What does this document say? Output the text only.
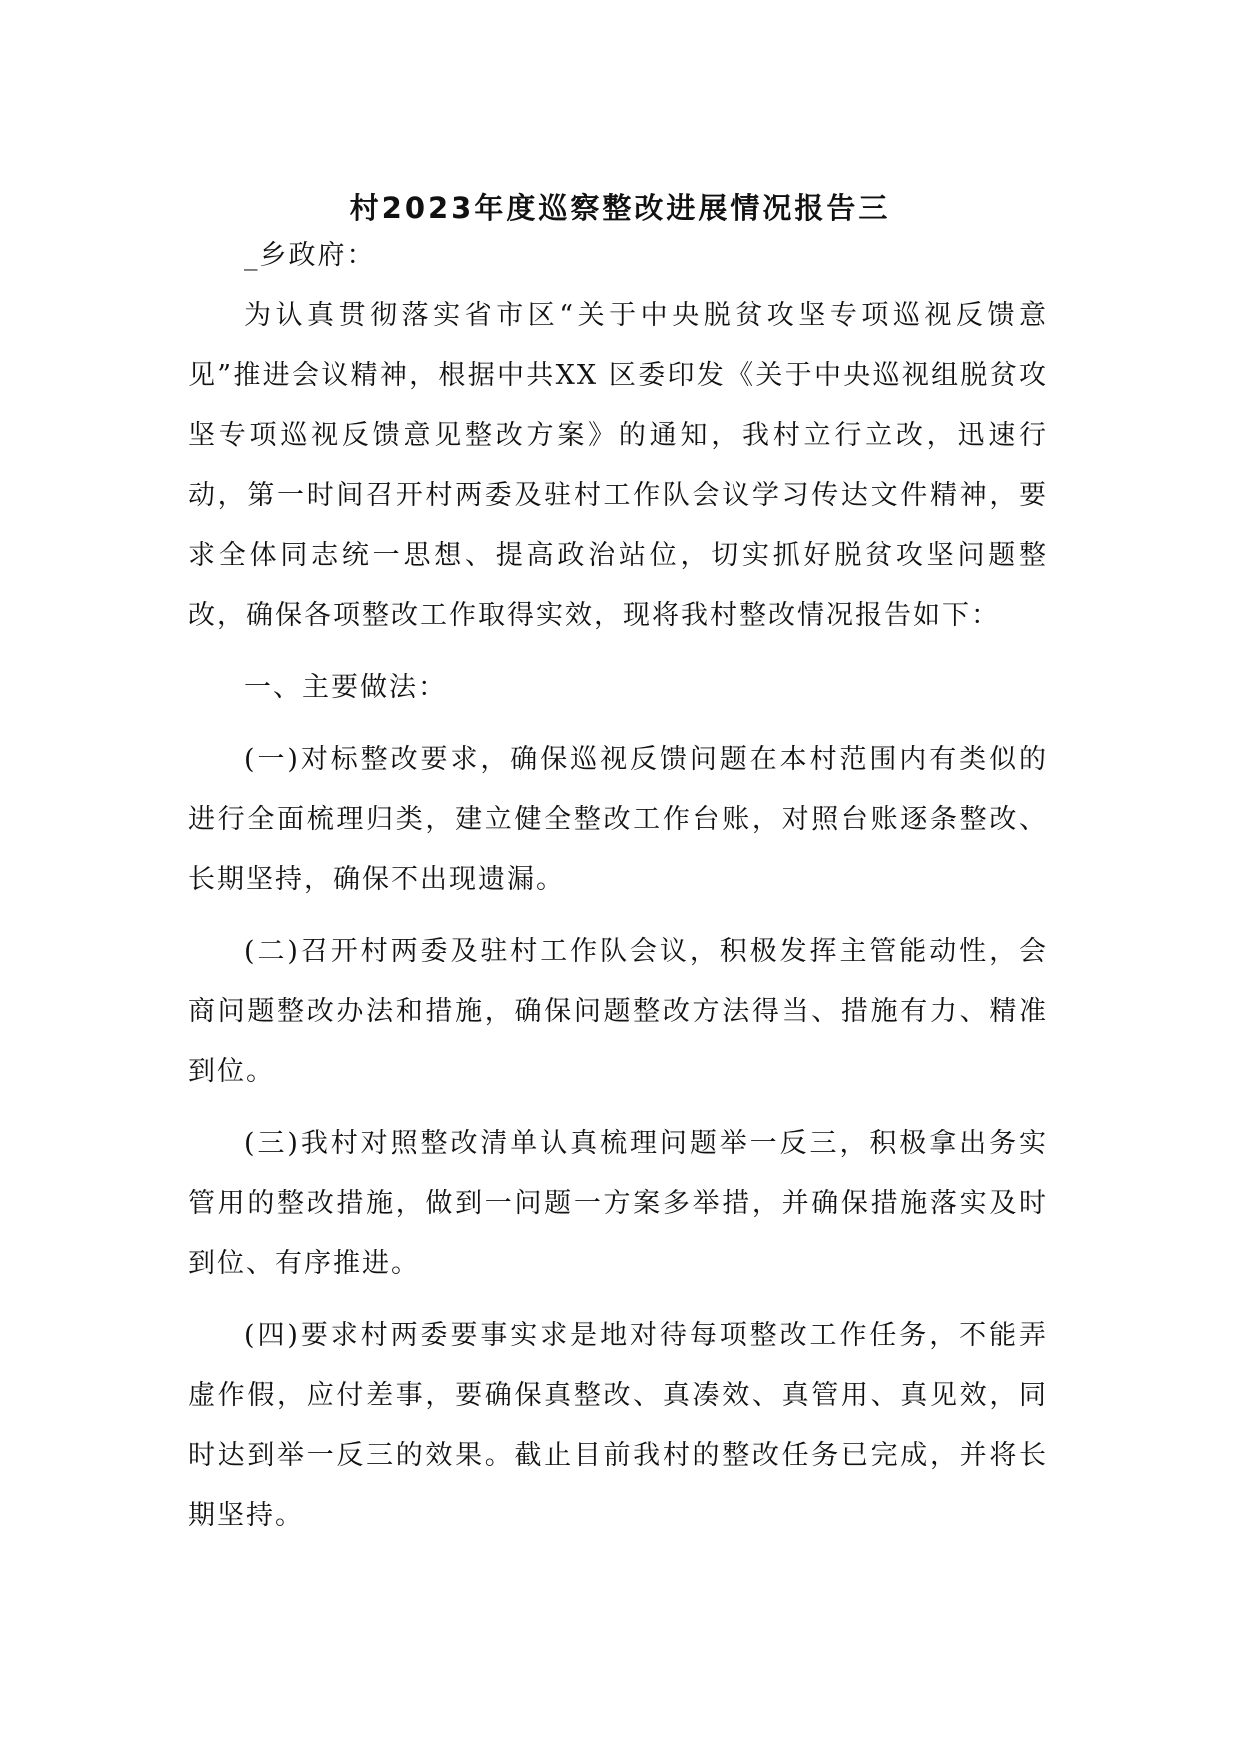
村2023年度巡察整改进展情况报告三

_乡政府：

为认真贯彻落实省市区“关于中央脱贫攻坚专项巡视反馈意见”推进会议精神，根据中共XX 区委印发《关于中央巡视组脱贫攻坚专项巡视反馈意见整改方案》的通知，我村立行立改，迅速行动，第一时间召开村两委及驻村工作队会议学习传达文件精神，要求全体同志统一思想、提高政治站位，切实抓好脱贫攻坚问题整改，确保各项整改工作取得实效，现将我村整改情况报告如下：

一、主要做法：

(一)对标整改要求，确保巡视反馈问题在本村范围内有类似的进行全面梳理归类，建立健全整改工作台账，对照台账逐条整改、长期坚持，确保不出现遗漏。

(二)召开村两委及驻村工作队会议，积极发挥主管能动性，会商问题整改办法和措施，确保问题整改方法得当、措施有力、精准到位。

(三)我村对照整改清单认真梳理问题举一反三，积极拿出务实管用的整改措施，做到一问题一方案多举措，并确保措施落实及时到位、有序推进。

(四)要求村两委要事实求是地对待每项整改工作任务，不能弄虚作假，应付差事，要确保真整改、真凑效、真管用、真见效，同时达到举一反三的效果。截止目前我村的整改任务已完成，并将长期坚持。
